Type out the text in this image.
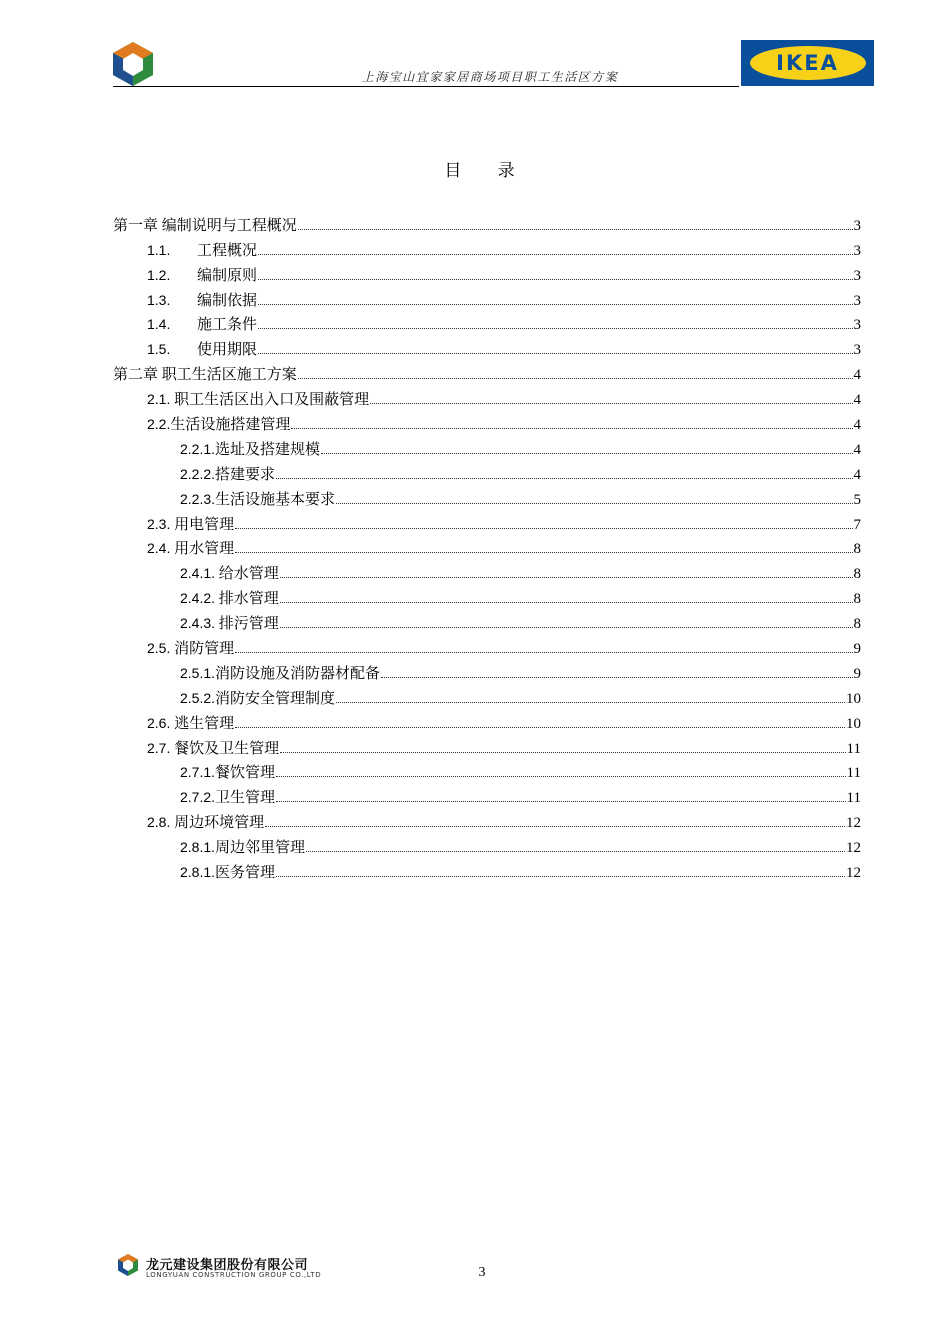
上海宝山宜家家居商场项目职工生活区方案
IKEA
目 录
第一章 编制说明与工程概况	3
1.1. 工程概况	3
1.2. 编制原则	3
1.3. 编制依据	3
1.4. 施工条件	3
1.5. 使用期限	3
第二章 职工生活区施工方案	4
2.1. 职工生活区出入口及围蔽管理	4
2.2.生活设施搭建管理	4
2.2.1.选址及搭建规模	4
2.2.2.搭建要求	4
2.2.3.生活设施基本要求	5
2.3. 用电管理	7
2.4. 用水管理	8
2.4.1. 给水管理	8
2.4.2. 排水管理	8
2.4.3. 排污管理	8
2.5. 消防管理	9
2.5.1.消防设施及消防器材配备	9
2.5.2.消防安全管理制度	10
2.6. 逃生管理	10
2.7. 餐饮及卫生管理	11
2.7.1.餐饮管理	11
2.7.2.卫生管理	11
2.8. 周边环境管理	12
2.8.1.周边邻里管理	12
2.8.1.医务管理	12
龙元建设集团股份有限公司
LONGYUAN CONSTRUCTION GROUP CO.,LTD	3
